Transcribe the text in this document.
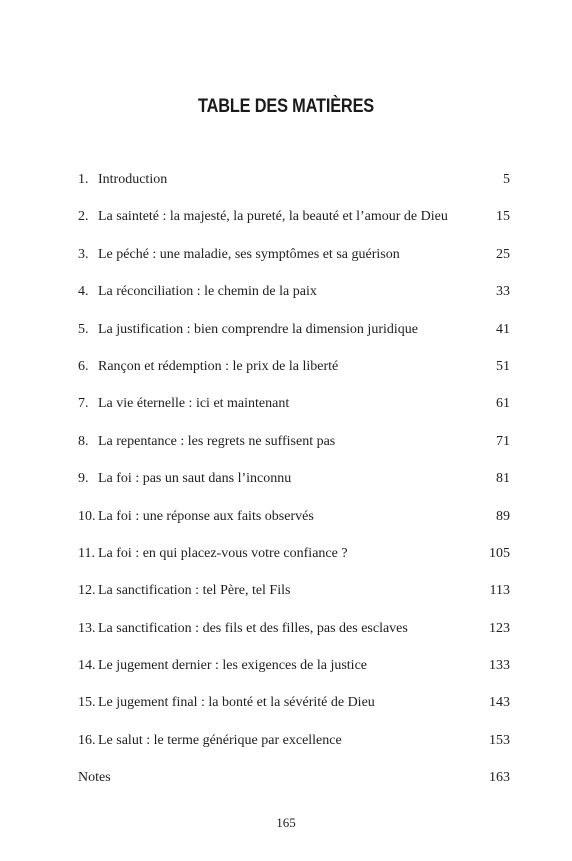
TABLE DES MATIÈRES
1. Introduction	5
2. La sainteté : la majesté, la pureté, la beauté et l’amour de Dieu	15
3. Le péché : une maladie, ses symptômes et sa guérison	25
4. La réconciliation : le chemin de la paix	33
5. La justification : bien comprendre la dimension juridique	41
6. Rançon et rédemption : le prix de la liberté	51
7. La vie éternelle : ici et maintenant	61
8. La repentance : les regrets ne suffisent pas	71
9. La foi : pas un saut dans l’inconnu	81
10. La foi : une réponse aux faits observés	89
11. La foi : en qui placez-vous votre confiance ?	105
12. La sanctification : tel Père, tel Fils	113
13. La sanctification : des fils et des filles, pas des esclaves	123
14. Le jugement dernier : les exigences de la justice	133
15. Le jugement final : la bonté et la sévérité de Dieu	143
16. Le salut : le terme générique par excellence	153
Notes	163
165
